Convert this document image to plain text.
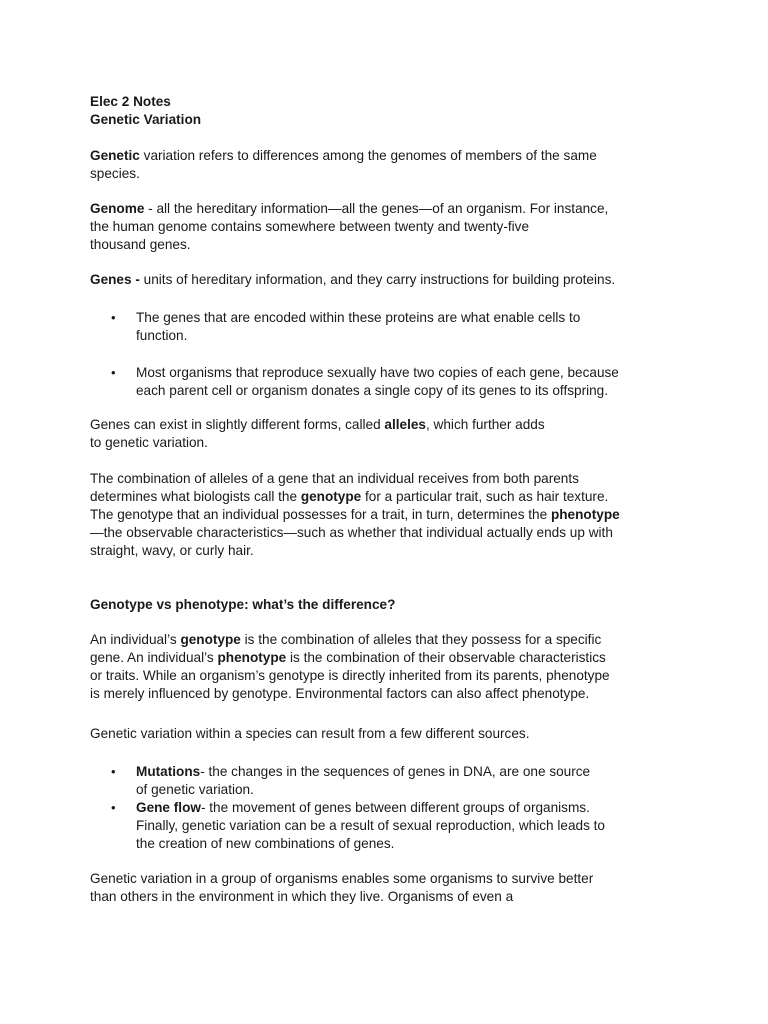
Elec 2 Notes
Genetic Variation
Genetic variation refers to differences among the genomes of members of the same
species.
Genome - all the hereditary information—all the genes—of an organism. For instance,
the human genome contains somewhere between twenty and twenty-five
thousand genes.
Genes - units of hereditary information, and they carry instructions for building proteins.
• The genes that are encoded within these proteins are what enable cells to
function.
• Most organisms that reproduce sexually have two copies of each gene, because
each parent cell or organism donates a single copy of its genes to its offspring.
Genes can exist in slightly different forms, called alleles, which further adds
to genetic variation.
The combination of alleles of a gene that an individual receives from both parents
determines what biologists call the genotype for a particular trait, such as hair texture.
The genotype that an individual possesses for a trait, in turn, determines the phenotype
—the observable characteristics—such as whether that individual actually ends up with
straight, wavy, or curly hair.
Genotype vs phenotype: what’s the difference?
An individual’s genotype is the combination of alleles that they possess for a specific
gene. An individual’s phenotype is the combination of their observable characteristics
or traits. While an organism’s genotype is directly inherited from its parents, phenotype
is merely influenced by genotype. Environmental factors can also affect phenotype.
Genetic variation within a species can result from a few different sources.
• Mutations- the changes in the sequences of genes in DNA, are one source
of genetic variation.
• Gene flow- the movement of genes between different groups of organisms.
Finally, genetic variation can be a result of sexual reproduction, which leads to
the creation of new combinations of genes.
Genetic variation in a group of organisms enables some organisms to survive better
than others in the environment in which they live. Organisms of even a
